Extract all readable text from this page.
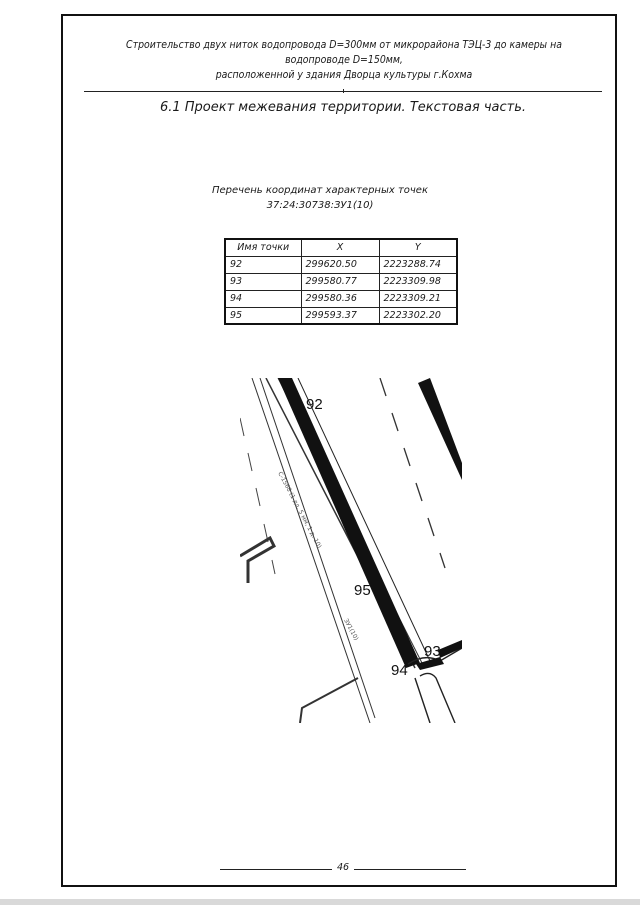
Строительство двух ниток водопровода D=300мм от микрорайона ТЭЦ-3 до камеры на водопроводе D=150мм,
расположенной у здания Дворца культуры г.Кохма
6.1 Проект межевания территории. Текстовая часть.
Перечень координат характерных точек
37:24:30738:ЗУ1(10)
Имя точки	X	Y
92	299620.50	2223288.74
93	299580.77	2223309.98
94	299580.36	2223309.21
95	299593.37	2223302.20
С-1568 (1 дл. 5 мм, 1 д. 10)
ЗУ1(10)
92
95
93
94
46
